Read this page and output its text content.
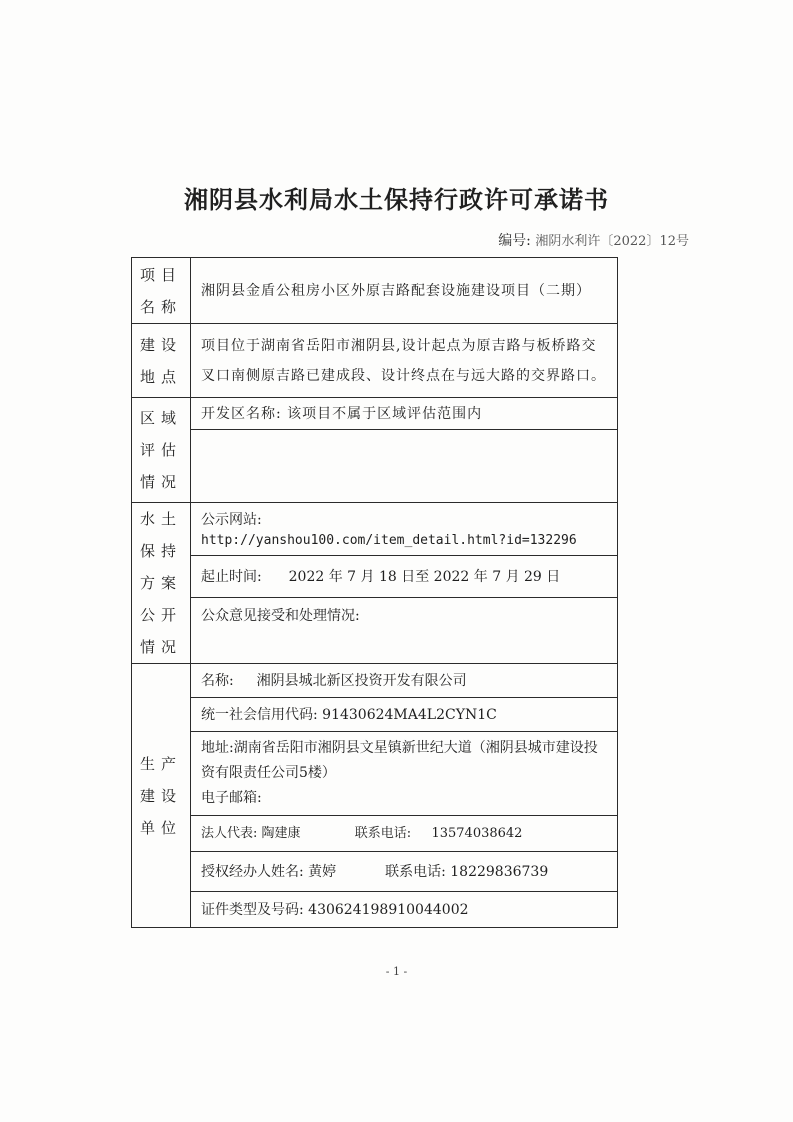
湘阴县水利局水土保持行政许可承诺书
编号: 湘阴水利许〔2022〕12号
项目名称	湘阴县金盾公租房小区外原吉路配套设施建设项目（二期）
建设地点	项目位于湖南省岳阳市湘阴县,设计起点为原吉路与板桥路交叉口南侧原吉路已建成段、设计终点在与远大路的交界路口。
区域评估情况	开发区名称: 该项目不属于区域评估范围内

水土保持方案公开情况	公示网站:
http://yanshou100.com/item_detail.html?id=132296
	起止时间: 2022 年 7 月 18 日至 2022 年 7 月 29 日
	公众意见接受和处理情况:
生产建设单位	名称: 湘阴县城北新区投资开发有限公司
	统一社会信用代码: 91430624MA4L2CYN1C
	地址:湖南省岳阳市湘阴县文星镇新世纪大道（湘阴县城市建设投资有限责任公司5楼）
电子邮箱:
	法人代表: 陶建康 联系电话: 13574038642
	授权经办人姓名: 黄婷 联系电话: 18229836739
	证件类型及号码: 430624198910044002
- 1 -
